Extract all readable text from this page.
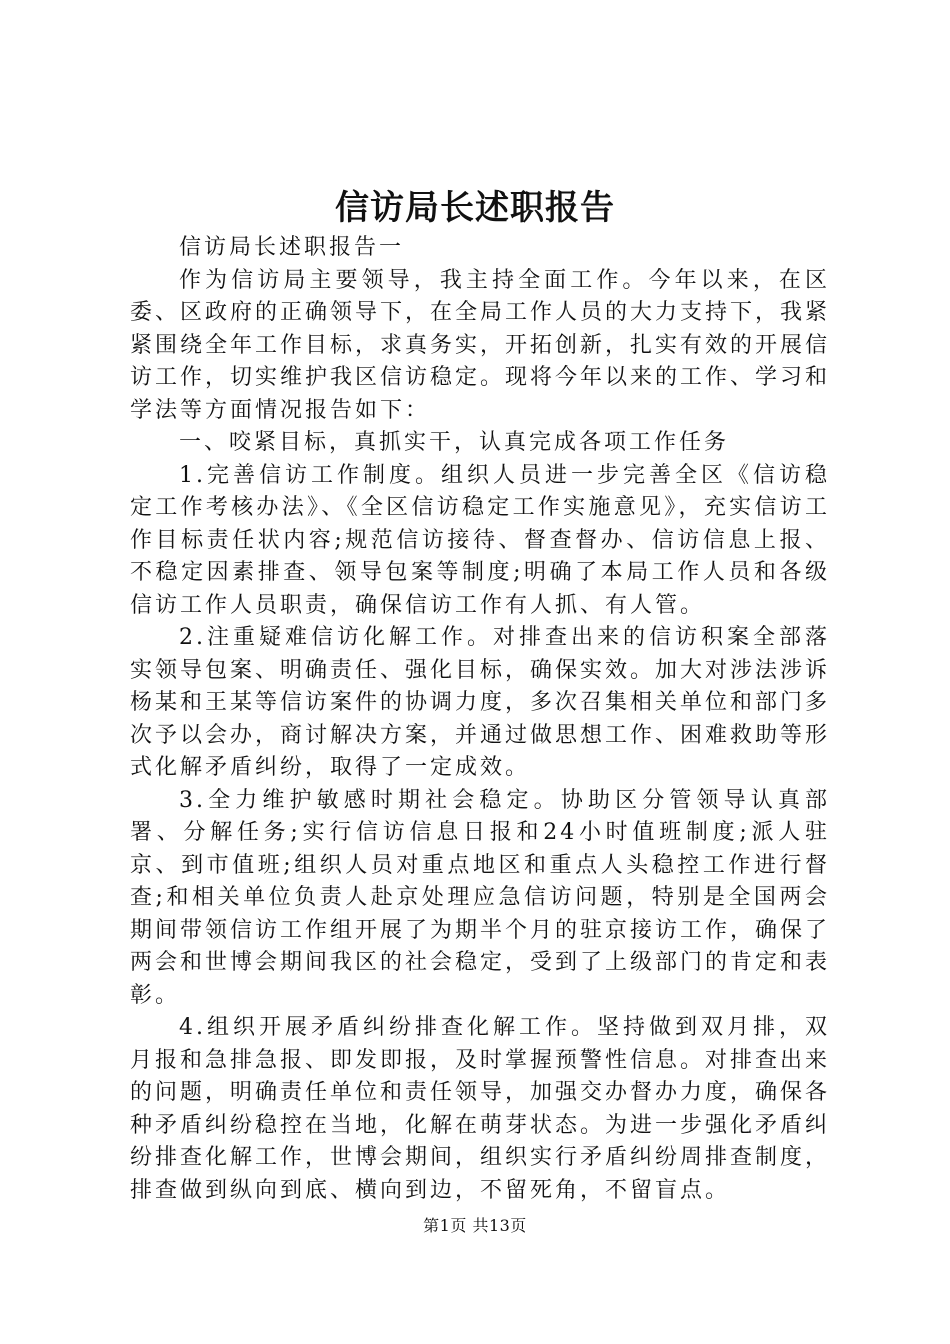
信访局长述职报告

信访局长述职报告一

作为信访局主要领导，我主持全面工作。今年以来，在区委、区政府的正确领导下，在全局工作人员的大力支持下，我紧紧围绕全年工作目标，求真务实，开拓创新，扎实有效的开展信访工作，切实维护我区信访稳定。现将今年以来的工作、学习和学法等方面情况报告如下：

一、咬紧目标，真抓实干，认真完成各项工作任务

1.完善信访工作制度。组织人员进一步完善全区《信访稳定工作考核办法》、《全区信访稳定工作实施意见》，充实信访工作目标责任状内容;规范信访接待、督查督办、信访信息上报、不稳定因素排查、领导包案等制度;明确了本局工作人员和各级信访工作人员职责，确保信访工作有人抓、有人管。

2.注重疑难信访化解工作。对排查出来的信访积案全部落实领导包案、明确责任、强化目标，确保实效。加大对涉法涉诉杨某和王某等信访案件的协调力度，多次召集相关单位和部门多次予以会办，商讨解决方案，并通过做思想工作、困难救助等形式化解矛盾纠纷，取得了一定成效。

3.全力维护敏感时期社会稳定。协助区分管领导认真部署、分解任务;实行信访信息日报和24小时值班制度;派人驻京、到市值班;组织人员对重点地区和重点人头稳控工作进行督查;和相关单位负责人赴京处理应急信访问题，特别是全国两会期间带领信访工作组开展了为期半个月的驻京接访工作，确保了两会和世博会期间我区的社会稳定，受到了上级部门的肯定和表彰。

4.组织开展矛盾纠纷排查化解工作。坚持做到双月排，双月报和急排急报、即发即报，及时掌握预警性信息。对排查出来的问题，明确责任单位和责任领导，加强交办督办力度，确保各种矛盾纠纷稳控在当地，化解在萌芽状态。为进一步强化矛盾纠纷排查化解工作，世博会期间，组织实行矛盾纠纷周排查制度，排查做到纵向到底、横向到边，不留死角，不留盲点。

第1页 共13页
